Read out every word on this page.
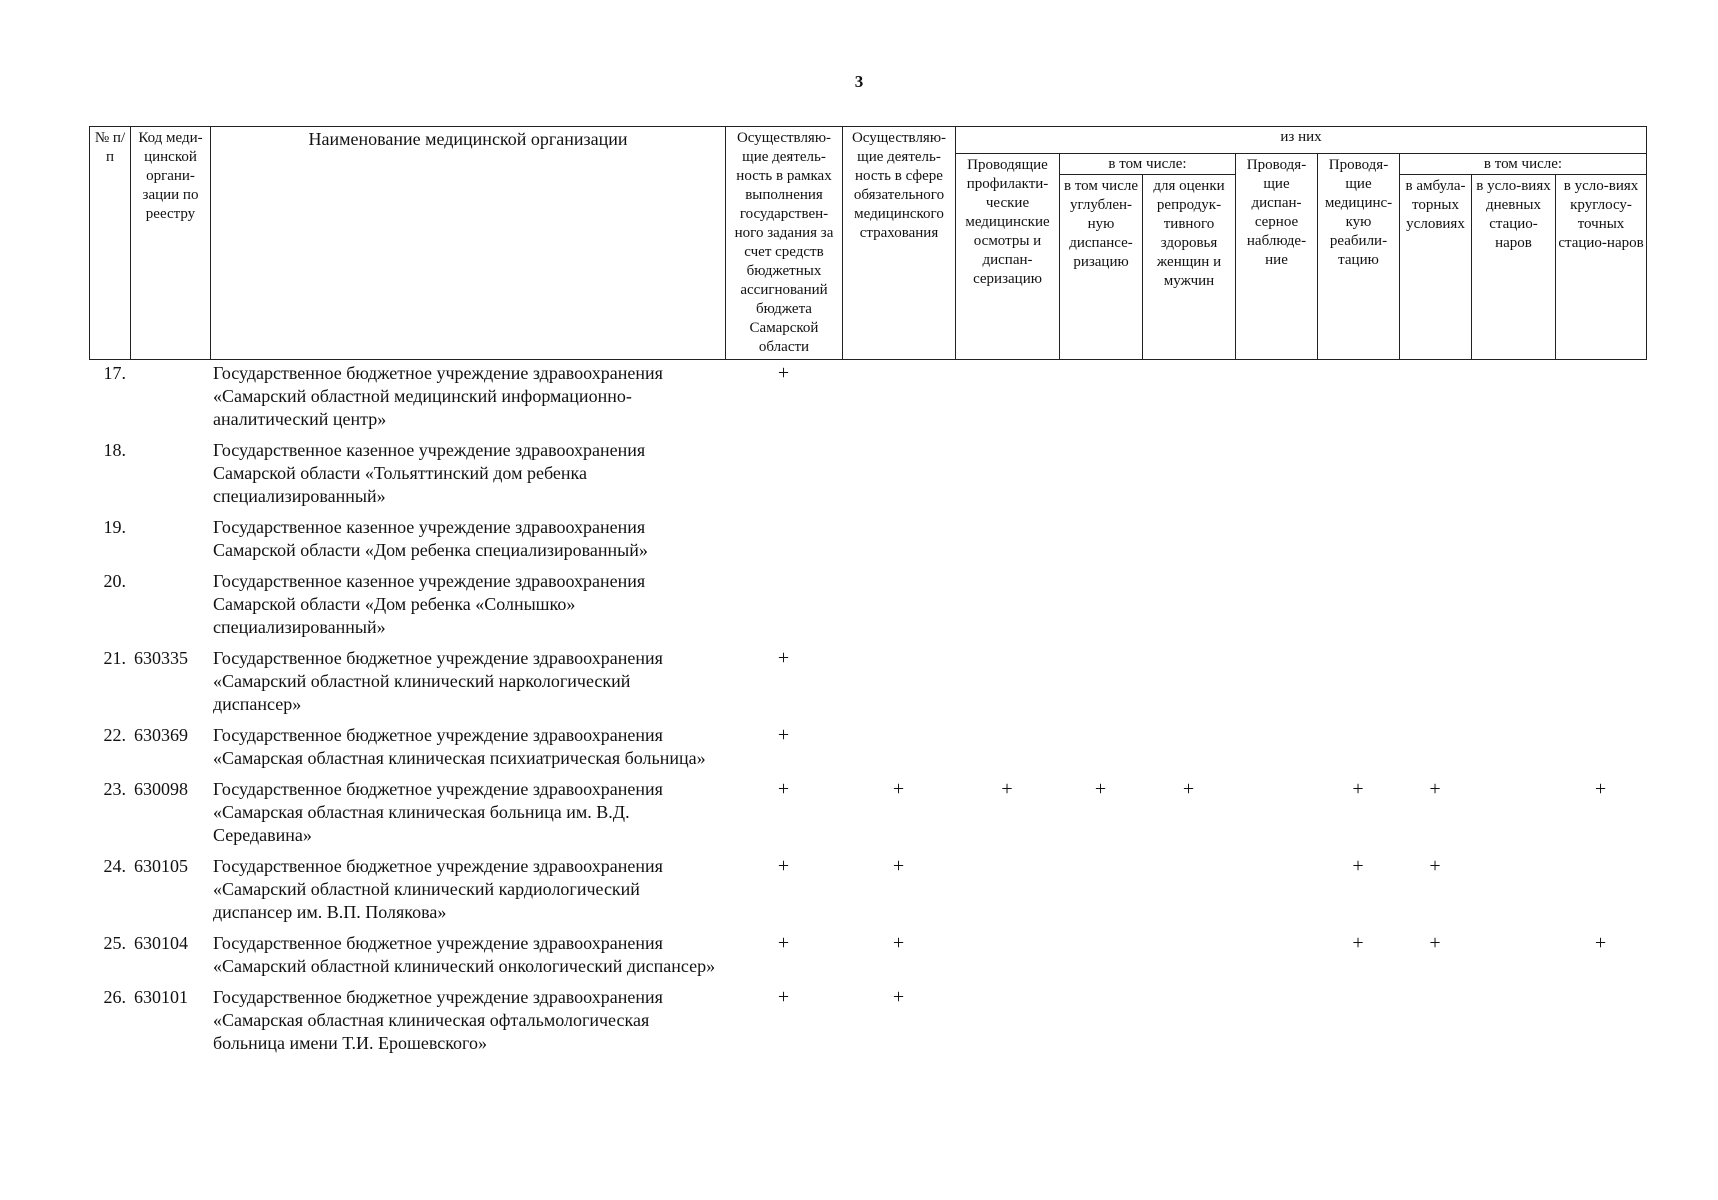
3
№ п/п	Код меди-цинской органи-зации по реестру	Наименование медицинской организации	Осуществляю-щие деятель-ность в рамках выполнения государствен-ного задания за счет средств бюджетных ассигнований бюджета Самарской области	Осуществляю-щие деятель-ность в сфере обязательного медицинского страхования	из них							
					Проводящие профилакти-ческие медицинские осмотры и диспан-серизацию	в том числе:		Проводя-щие диспан-серное наблюде-ние	Проводя-щие медицинс-кую реабили-тацию	в том числе:		
						в том числе углублен-ную диспансе-ризацию	для оценки репродук-тивного здоровья женщин и мужчин			в амбула-торных условиях	в усло-виях дневных стацио-наров	в усло-виях круглосу-точных стацио-наров
17.		Государственное бюджетное учреждение здравоохранения «Самарский областной медицинский информационно-аналитический центр»	+									
18.		Государственное казенное учреждение здравоохранения Самарской области «Тольяттинский дом ребенка специализированный»										
19.		Государственное казенное учреждение здравоохранения Самарской области «Дом ребенка специализированный»										
20.		Государственное казенное учреждение здравоохранения Самарской области «Дом ребенка «Солнышко» специализированный»										
21.	630335	Государственное бюджетное учреждение здравоохранения «Самарский областной клинический наркологический диспансер»	+									
22.	630369	Государственное бюджетное учреждение здравоохранения «Самарская областная клиническая психиатрическая больница»	+									
23.	630098	Государственное бюджетное учреждение здравоохранения «Самарская областная клиническая больница им. В.Д. Середавина»	+	+	+	+	+		+	+		+
24.	630105	Государственное бюджетное учреждение здравоохранения «Самарский областной клинический кардиологический диспансер им. В.П. Полякова»	+	+					+	+		
25.	630104	Государственное бюджетное учреждение здравоохранения «Самарский областной клинический онкологический диспансер»	+	+					+	+		+
26.	630101	Государственное бюджетное учреждение здравоохранения «Самарская областная клиническая офтальмологическая больница имени Т.И. Ерошевского»	+	+								
